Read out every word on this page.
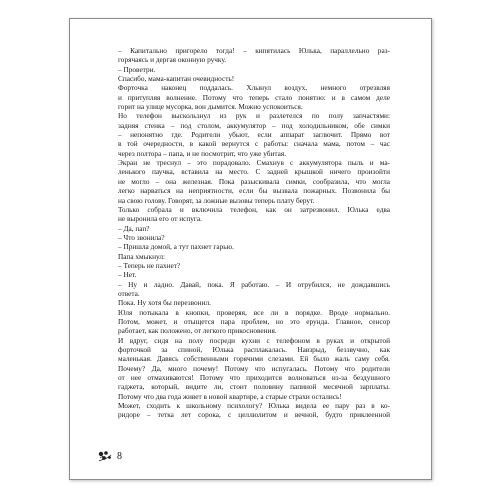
– Капитально пригорело тогда! – кипятилась Юлька, параллельно раз-
горячаясь и дергая оконную ручку.
– Проветри.
Спасибо, мама-капитан очевидность!
Форточка наконец поддалась. Хлынул воздух, немного отрезвляя
и притупляя волнение. Потому что теперь стало понятно: и в самом деле
горит на улице мусорка, вон дымится. Можно успокоиться.
Но телефон выскользнул из рук и разлетелся по полу запчастями:
задняя стенка – под столом, аккумулятор – под холодильником, обе симки
– непонятно где. Родители убьют, если аппарат заглючит. Прямо вот
в той очередности, в какой вернутся с работы: сначала мама, потом – час
через полтора – папа, и не посмотрит, что уже убитая.
Экран не треснул – это порадовало. Смахнув с аккумулятора пыль и ма-
ленького паучка, вставила на место. С задней крышкой ничего произойти
не могло – она железная. Пока разыскивала симки, сообразила, что могла
легко нарваться на неприятности, если бы вызвала пожарных. Позвонила бы
на свою голову. Говорят, за ложные вызовы теперь плату берут.
Только собрала и включила телефон, как он затрезвонил. Юлька едва
не выронила его от испуга.
– Да, пап?
– Что звонила?
– Пришла домой, а тут пахнет гарью.
Папа хмыкнул:
– Теперь не пахнет?
– Нет.
– Ну и ладно. Давай, пока. Я работаю. – И отрубился, не дождавшись
ответа.
Пока. Ну хотя бы перезвонил.
Юля потыкала в кнопки, проверяя, все ли в порядке. Вроде нормально.
Потом, может, и отыщется пара проблем, но это ерунда. Главное, сенсор
работает, как положено, от легкого прикосновения.
И вдруг, сидя на полу посреди кухни с телефоном в руках и открытой
форточкой за спиной, Юлька расплакалась. Навзрыд, беззвучно, как
маленькая. Давясь собственными горячими слезами. Ей было жаль саму себя.
Почему? Да, много почему! Потому что испугалась. Потому что родители
от нее отмахиваются! Потому что приходится волноваться из-за бездушного
гаджета, который, видите ли, стоит половину папиной месячной зарплаты.
Потому что два года живет в новой квартире, а старые страхи остались!
Может, сходить к школьному психологу? Юлька видела ее пару раз в ко-
ридоре – тетка лет сорока, с целлюлитом и вечной, будто приклеенной
8
